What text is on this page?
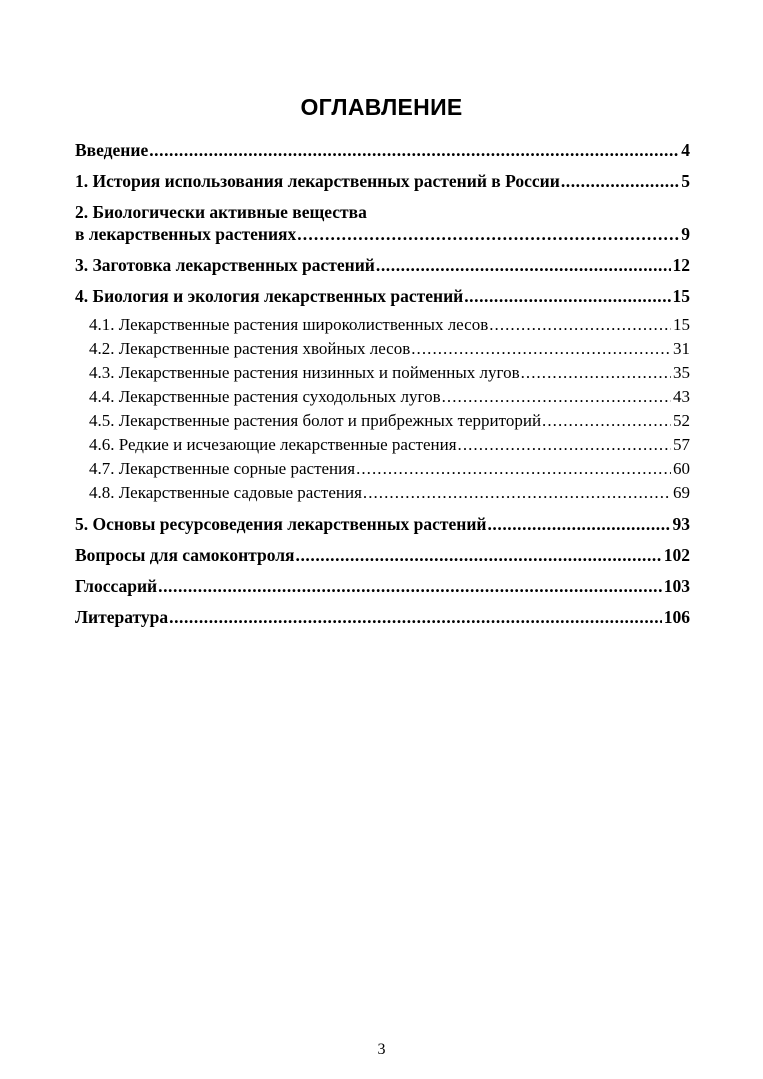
ОГЛАВЛЕНИЕ
Введение . . .	4
1. История использования лекарственных растений в России . . .	5
2. Биологически активные вещества
в лекарственных растениях . . .	9
3. Заготовка лекарственных растений . . .	12
4. Биология и экология лекарственных растений . . .	15
4.1. Лекарственные растения широколиственных лесов . . .	15
4.2. Лекарственные растения хвойных лесов . . .	31
4.3. Лекарственные растения низинных и пойменных лугов . . .	35
4.4. Лекарственные растения суходольных лугов . . .	43
4.5. Лекарственные растения болот и прибрежных территорий . . .	52
4.6. Редкие и исчезающие лекарственные растения . . .	57
4.7. Лекарственные сорные растения . . .	60
4.8. Лекарственные садовые растения . . .	69
5. Основы ресурсоведения лекарственных растений . . .	93
Вопросы для самоконтроля . . .	102
Глоссарий . . .	103
Литература . . .	106
3
